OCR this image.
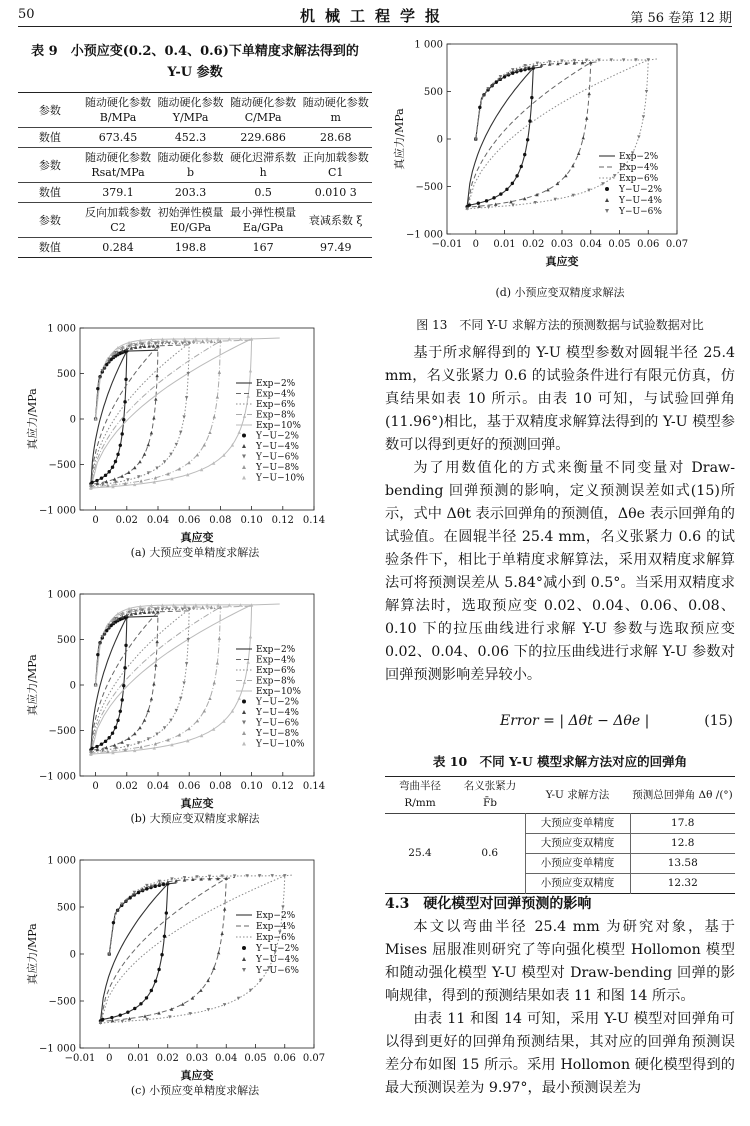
50	机械工程学报	第 56 卷第 12 期
表 9　小预应变(0.2、0.4、0.6)下单精度求解法得到的
Y-U 参数
参数	随动硬化参数 B/MPa	随动硬化参数 Y/MPa	随动硬化参数 C/MPa	随动硬化参数 m
数值	673.45	452.3	229.686	28.68
参数	随动硬化参数 Rsat/MPa	随动硬化参数 b	硬化迟滞系数 h	正向加载参数 C1
数值	379.1	203.3	0.5	0.010 3
参数	反向加载参数 C2	初始弹性模量 E0/GPa	最小弹性模量 Ea/GPa	衰减系数 ξ
数值	0.284	198.8	167	97.49
1 000
500
0
−500
−1 000
0 0.02 0.04 0.06 0.08 0.10 0.12 0.14
真应变
真应力/MPa
(a) 大预应变单精度求解法
Exp−2%
Exp−4%
Exp−6%
Exp−8%
Exp−10%
Y−U−2%
Y−U−4%
Y−U−6%
Y−U−8%
Y−U−10%
1 000
500
0
−500
−1 000
0 0.02 0.04 0.06 0.08 0.10 0.12 0.14
真应变
真应力/MPa
(b) 大预应变双精度求解法
Exp−2%
Exp−4%
Exp−6%
Exp−8%
Exp−10%
Y−U−2%
Y−U−4%
Y−U−6%
Y−U−8%
Y−U−10%
1 000
500
0
−500
−1 000
−0.01 0 0.01 0.02 0.03 0.04 0.05 0.06 0.07
真应变
真应力/MPa
(c) 小预应变单精度求解法
Exp−2%
Exp−4%
Exp−6%
Y−U−2%
Y−U−4%
Y−U−6%
1 000
500
0
−500
−1 000
−0.01 0 0.01 0.02 0.03 0.04 0.05 0.06 0.07
真应变
真应力/MPa
(d) 小预应变双精度求解法
Exp−2%
Exp−4%
Exp−6%
Y−U−2%
Y−U−4%
Y−U−6%
图 13　不同 Y-U 求解方法的预测数据与试验数据对比

基于所求解得到的 Y-U 模型参数对圆辊半径 25.4 mm，名义张紧力 0.6 的试验条件进行有限元仿真，仿真结果如表 10 所示。由表 10 可知，与试验回弹角(11.96°)相比，基于双精度求解算法得到的 Y-U 模型参数可以得到更好的预测回弹。

为了用数值化的方式来衡量不同变量对 Draw-bending 回弹预测的影响，定义预测误差如式(15)所示，式中 Δθt 表示回弹角的预测值，Δθe 表示回弹角的试验值。在圆辊半径 25.4 mm，名义张紧力 0.6 的试验条件下，相比于单精度求解算法，采用双精度求解算法可将预测误差从 5.84°减小到 0.5°。当采用双精度求解算法时，选取预应变 0.02、0.04、0.06、0.08、0.10 下的拉压曲线进行求解 Y-U 参数与选取预应变 0.02、0.04、0.06 下的拉压曲线进行求解 Y-U 参数对回弹预测影响差异较小。

Error = | Δθt − Δθe |	(15)
表 10　不同 Y-U 模型求解方法对应的回弹角
弯曲半径 R/mm	名义张紧力 F̄b	Y-U 求解方法	预测总回弹角 Δθ /(°)
25.4	0.6	大预应变单精度	17.8
		大预应变双精度	12.8
		小预应变单精度	13.58
		小预应变双精度	12.32
4.3　硬化模型对回弹预测的影响

本文以弯曲半径 25.4 mm 为研究对象，基于 Mises 屈服准则研究了等向强化模型 Hollomon 模型和随动强化模型 Y-U 模型对 Draw-bending 回弹的影响规律，得到的预测结果如表 11 和图 14 所示。

由表 11 和图 14 可知，采用 Y-U 模型对回弹角可以得到更好的回弹角预测结果，其对应的回弹角预测误差分布如图 15 所示。采用 Hollomon 硬化模型得到的最大预测误差为 9.97°，最小预测误差为
